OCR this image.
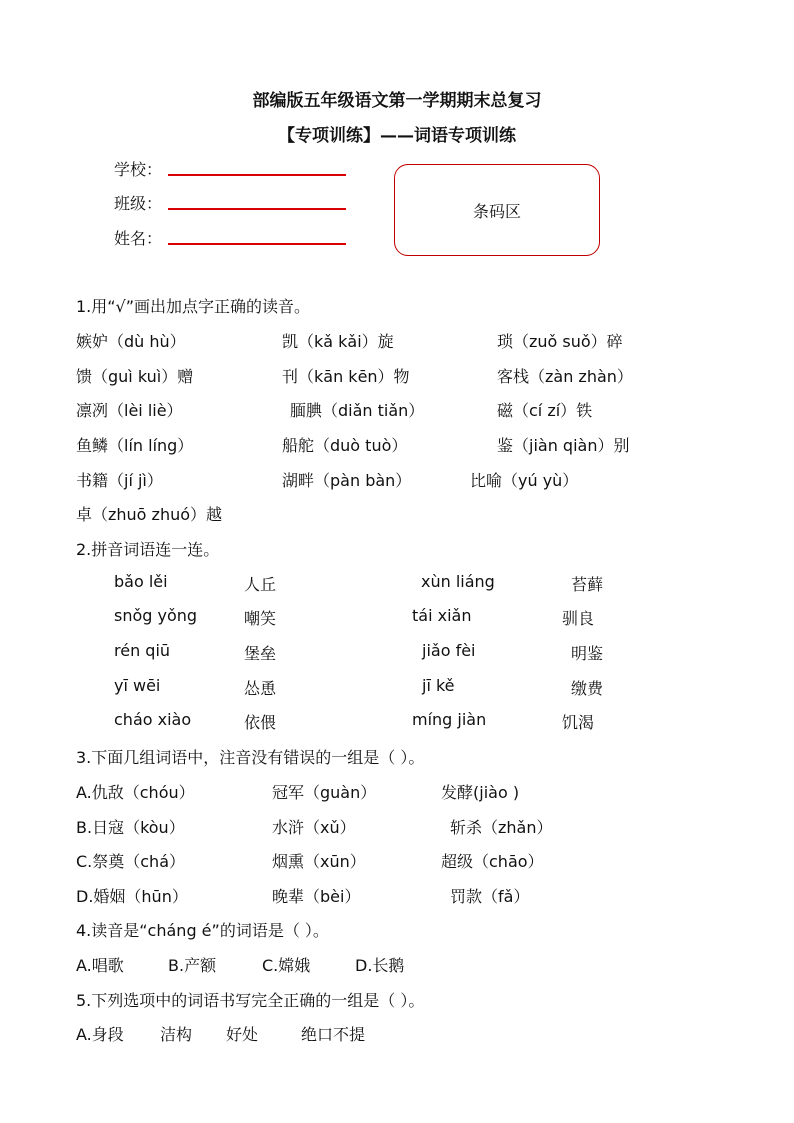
部编版五年级语文第一学期期末总复习
【专项训练】——词语专项训练
学校：
班级：
姓名：
条码区
1.用“√”画出加点字正确的读音。
嫉妒（dù hù）	凯（kǎ kǎi）旋	琐（zuǒ suǒ）碎
馈（guì kuì）赠	刊（kān kēn）物	客栈（zàn zhàn）
凛冽（lèi liè）	腼腆（diǎn tiǎn）	磁（cí zí）铁
鱼鳞（lín líng）	船舵（duò tuò）	鉴（jiàn qiàn）别
书籍（jí jì）	湖畔（pàn bàn）	比喻（yú yù）
卓（zhuō zhuó）越
2.拼音词语连一连。
bǎo lěi	人丘	xùn liáng	苔藓
snǒg yǒng	嘲笑	tái xiǎn	驯良
rén qiū	堡垒	jiǎo fèi	明鉴
yī wēi	怂恿	jī kě	缴费
cháo xiào	依偎	míng jiàn	饥渴
3.下面几组词语中，注音没有错误的一组是（ ）。
A.仇敌（chóu）	冠军（guàn）	发酵(jiào )
B.日寇（kòu）	水浒（xǔ）	斩杀（zhǎn）
C.祭奠（chá）	烟熏（xūn）	超级（chāo）
D.婚姻（hūn）	晚辈（bèi）	罚款（fǎ）
4.读音是“cháng é”的词语是（ ）。
A.唱歌	B.产额	C.嫦娥	D.长鹅
5.下列选项中的词语书写完全正确的一组是（ ）。
A.身段 洁构 好处	绝口不提
